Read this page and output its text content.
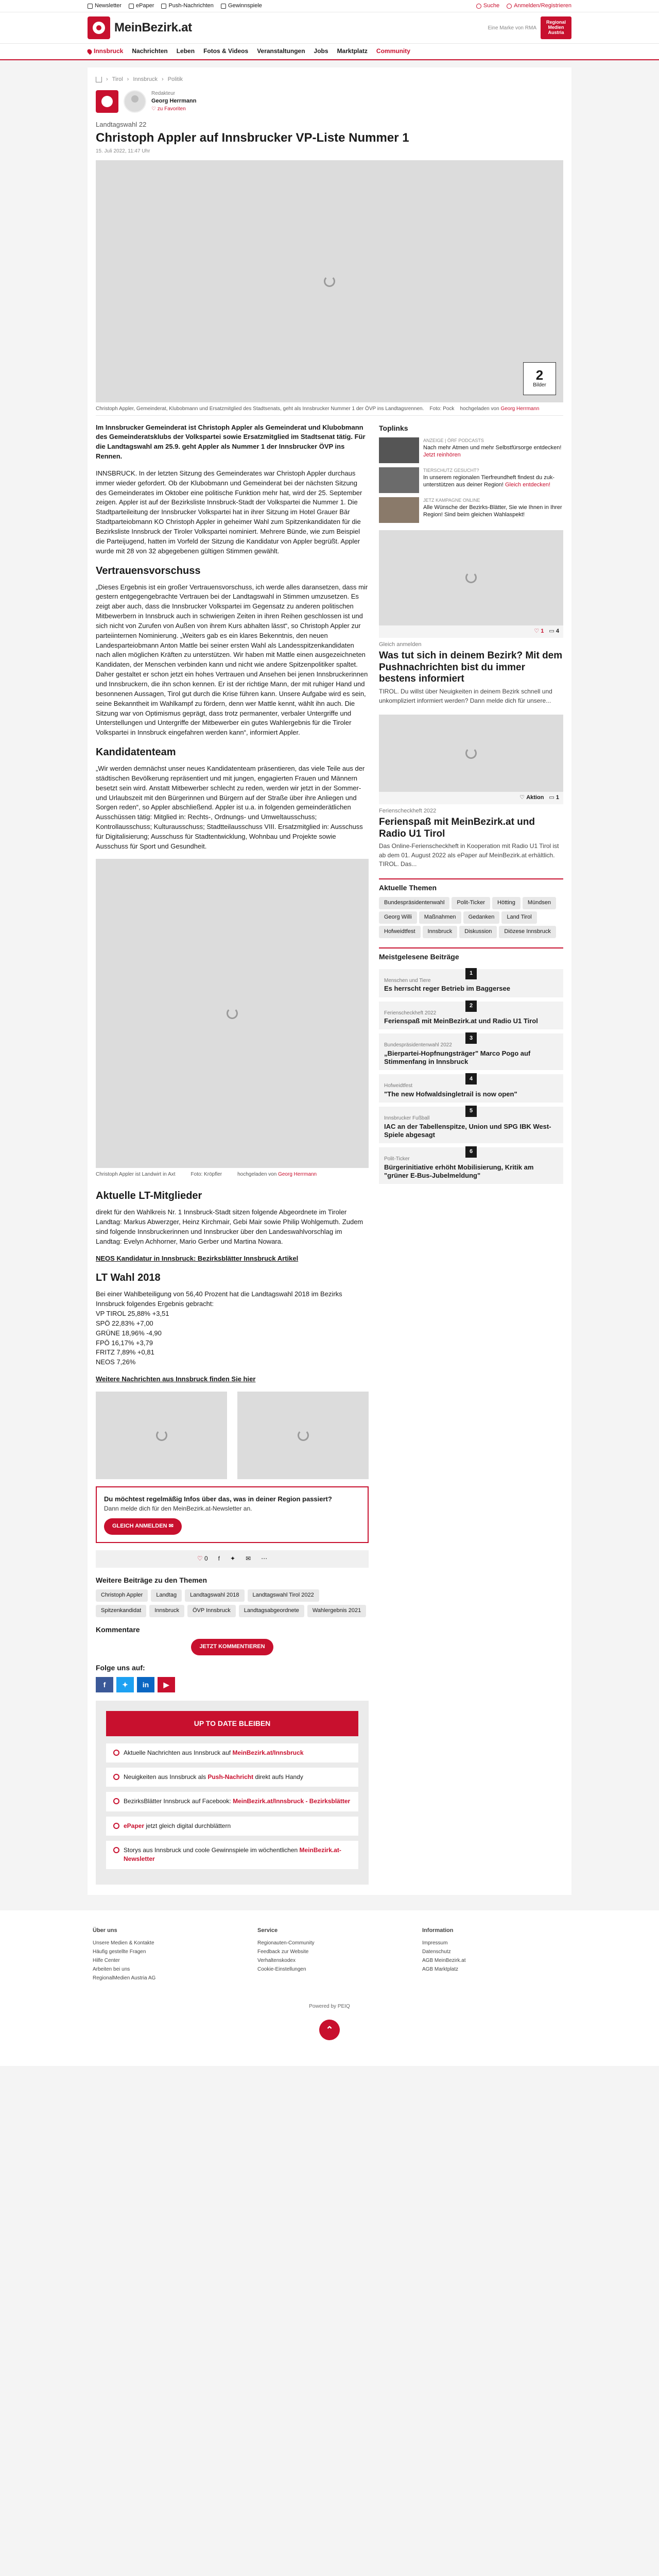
Newsletter	ePaper	Push-Nachrichten	Gewinnspiele	Suche	Anmelden/Registrieren
MeinBezirk.at	Eine Marke von RMA
Regional Medien Austria
Innsbruck Nachrichten Leben Fotos & Videos Veranstaltungen Jobs Marktplatz Community
› Tirol › Innsbruck › Politik
Redakteur
Georg Herrmann
♡ zu Favoriten
Landtagswahl 22
Christoph Appler auf Innsbrucker VP-Liste Nummer 1
15. Juli 2022, 11:47 Uhr
2
Bilder
Christoph Appler, Gemeinderat, Klubobmann und Ersatzmitglied des Stadtsenats, geht als Innsbrucker Nummer 1 der ÖVP ins Landtagsrennen. Foto: Pock hochgeladen von Georg Herrmann
Im Innsbrucker Gemeinderat ist Christoph Appler als Gemeinderat und Klubobmann des Gemeinderatsklubs der Volkspartei sowie Ersatzmitglied im Stadtsenat tätig. Für die Landtagswahl am 25.9. geht Appler als Nummer 1 der Innsbrucker ÖVP ins Rennen.

INNSBRUCK. In der letzten Sitzung des Gemeinderates war Christoph Appler durchaus immer wieder gefordert. Ob der Klubobmann und Gemeinderat bei der nächsten Sitzung des Gemeinderates im Oktober eine politische Funktion mehr hat, wird der 25. September zeigen. Appler ist auf der Bezirksliste Innsbruck-Stadt der Volkspartei die Nummer 1. Die Stadtparteileitung der Innsbrucker Volkspartei hat in ihrer Sitzung im Hotel Grauer Bär Stadtparteiobmann KO Christoph Appler in geheimer Wahl zum Spitzenkandidaten für die Bezirksliste Innsbruck der Tiroler Volkspartei nominiert. Mehrere Bünde, wie zum Beispiel die Parteijugend, hatten im Vorfeld der Sitzung die Kandidatur von Appler begrüßt. Appler wurde mit 28 von 32 abgegebenen gültigen Stimmen gewählt.

Vertrauensvorschuss

„Dieses Ergebnis ist ein großer Vertrauensvorschuss, ich werde alles daransetzen, dass mir gestern entgegengebrachte Vertrauen bei der Landtagswahl in Stimmen umzusetzen. Es zeigt aber auch, dass die Innsbrucker Volkspartei im Gegensatz zu anderen politischen Mitbewerbern in Innsbruck auch in schwierigen Zeiten in ihren Reihen geschlossen ist und sich nicht von Zurufen von Außen von ihrem Kurs abhalten lässt“, so Christoph Appler zur parteiinternen Nominierung. „Weiters gab es ein klares Bekenntnis, den neuen Landesparteiobmann Anton Mattle bei seiner ersten Wahl als Landesspitzenkandidaten nach allen möglichen Kräften zu unterstützen. Wir haben mit Mattle einen ausgezeichneten Kandidaten, der Menschen verbinden kann und nicht wie andere Spitzenpolitiker spaltet. Daher gestaltet er schon jetzt ein hohes Vertrauen und Ansehen bei jenen Innsbruckerinnen und Innsbruckern, die ihn schon kennen. Er ist der richtige Mann, der mit ruhiger Hand und besonnenen Aussagen, Tirol gut durch die Krise führen kann. Unsere Aufgabe wird es sein, seine Bekanntheit im Wahlkampf zu fördern, denn wer Mattle kennt, wählt ihn auch. Die Sitzung war von Optimismus geprägt, dass trotz permanenter, verbaler Untergriffe und Unterstellungen und Untergriffe der Mitbewerber ein gutes Wahlergebnis für die Tiroler Volkspartei in Innsbruck eingefahren werden kann“, informiert Appler.

Kandidatenteam

„Wir werden demnächst unser neues Kandidatenteam präsentieren, das viele Teile aus der städtischen Bevölkerung repräsentiert und mit jungen, engagierten Frauen und Männern besetzt sein wird. Anstatt Mitbewerber schlecht zu reden, werden wir jetzt in der Sommer- und Urlaubszeit mit den Bürgerinnen und Bürgern auf der Straße über ihre Anliegen und Sorgen reden“, so Appler abschließend. Appler ist u.a. in folgenden gemeinderätlichen Ausschüssen tätig: Mitglied in: Rechts-, Ordnungs- und Umweltausschuss; Kontrollausschuss; Kulturausschuss; Stadtteilausschuss VIII. Ersatzmitglied in: Ausschuss für Digitalisierung; Ausschuss für Stadtentwicklung, Wohnbau und Projekte sowie Ausschuss für Sport und Gesundheit.

Christoph Appler ist Landwirt in Axt	Foto: Kröpfler	hochgeladen von Georg Herrmann
Aktuelle LT-Mitglieder

direkt für den Wahlkreis Nr. 1 Innsbruck-Stadt sitzen folgende Abgeordnete im Tiroler Landtag: Markus Abwerzger, Heinz Kirchmair, Gebi Mair sowie Philip Wohlgemuth. Zudem sind folgende Innsbruckerinnen und Innsbrucker über den Landeswahlvorschlag im Landtag: Evelyn Achhorner, Mario Gerber und Martina Nowara.

NEOS Kandidatur in Innsbruck: Bezirksblätter Innsbruck Artikel
LT Wahl 2018

Bei einer Wahlbeteiligung von 56,40 Prozent hat die Landtagswahl 2018 im Bezirks Innsbruck folgendes Ergebnis gebracht:

VP TIROL 25,88% +3,51

SPÖ 22,83% +7,00

GRÜNE 18,96% -4,90

FPÖ 16,17% +3,79

FRITZ 7,89% +0,81

NEOS 7,26%

Weitere Nachrichten aus Innsbruck finden Sie hier
Du möchtest regelmäßig Infos über das, was in deiner Region passiert?
Dann melde dich für den MeinBezirk.at-Newsletter an.
GLEICH ANMELDEN ✉
♡ 0 f ✦ ✉ ⋯
Weitere Beiträge zu den Themen
Christoph Appler	Landtag	Landtagswahl 2018	Landtagswahl Tirol 2022
Spitzenkandidat	Innsbruck	ÖVP Innsbruck	Landtagsabgeordnete	Wahlergebnis 2021
Kommentare
JETZT KOMMENTIEREN
Folge uns auf:
f	✦	in	▶
UP TO DATE BLEIBEN
Aktuelle Nachrichten aus Innsbruck auf MeinBezirk.at/Innsbruck
Neuigkeiten aus Innsbruck als Push-Nachricht direkt aufs Handy
BezirksBlätter Innsbruck auf Facebook: MeinBezirk.at/Innsbruck - Bezirksblätter
ePaper jetzt gleich digital durchblättern
Storys aus Innsbruck und coole Gewinnspiele im wöchentlichen MeinBezirk.at-Newsletter
Toplinks
ANZEIGE | ÖRF PODCASTS
Nach mehr Atmen und mehr Selbstfürsorge entdecken! Jetzt reinhören
TIERSCHUTZ GESUCHT?
In unserem regionalen Tierfreundheft findest du zuk- unterstützen aus deiner Region! Gleich entdecken!
JETZ KAMPAGNE ONLINE
Alle Wünsche der Bezirks-Blätter, Sie wie Ihnen in Ihrer Region! Sind beim gleichen Wahlaspekt!
♡ 1 ▭ 4
Gleich anmelden
Was tut sich in deinem Bezirk? Mit dem Pushnachrichten bist du immer bestens informiert
TIROL. Du willst über Neuigkeiten in deinem Bezirk schnell und unkompliziert informiert werden? Dann melde dich für unsere...
♡ Aktion ▭ 1
Ferienscheckheft 2022
Ferienspaß mit MeinBezirk.at und Radio U1 Tirol
Das Online-Ferienscheckheft in Kooperation mit Radio U1 Tirol ist ab dem 01. August 2022 als ePaper auf MeinBezirk.at erhältlich. TIROL. Das...
Aktuelle Themen
Bundespräsidentenwahl	Polit-Ticker	Hötting	Mündsen
Georg Willi	Maßnahmen	Gedanken	Land Tirol
Hofweidtfest	Innsbruck	Diskussion	Diözese Innsbruck
Meistgelesene Beiträge
1
Menschen und Tiere
Es herrscht reger Betrieb im Baggersee
2
Ferienscheckheft 2022
Ferienspaß mit MeinBezirk.at und Radio U1 Tirol
3
Bundespräsidentenwahl 2022
„Bierpartei-Hopfnungsträger" Marco Pogo auf Stimmenfang in Innsbruck
4
Hofweidtfest
"The new Hofwaldsingletrail is now open"
5
Innsbrucker Fußball
IAC an der Tabellenspitze, Union und SPG IBK West-Spiele abgesagt
6
Polit-Ticker
Bürgerinitiative erhöht Mobilisierung, Kritik am "grüner E-Bus-Jubelmeldung"
Über uns
Unsere Medien & Kontakte
Häufig gestellte Fragen
Hilfe Center
Arbeiten bei uns
RegionalMedien Austria AG
Service
Regionauten-Community
Feedback zur Website
Verhaltenskodex
Cookie-Einstellungen
Information
Impressum
Datenschutz
AGB MeinBezirk.at
AGB Marktplatz
Powered by PEIQ
⌃
